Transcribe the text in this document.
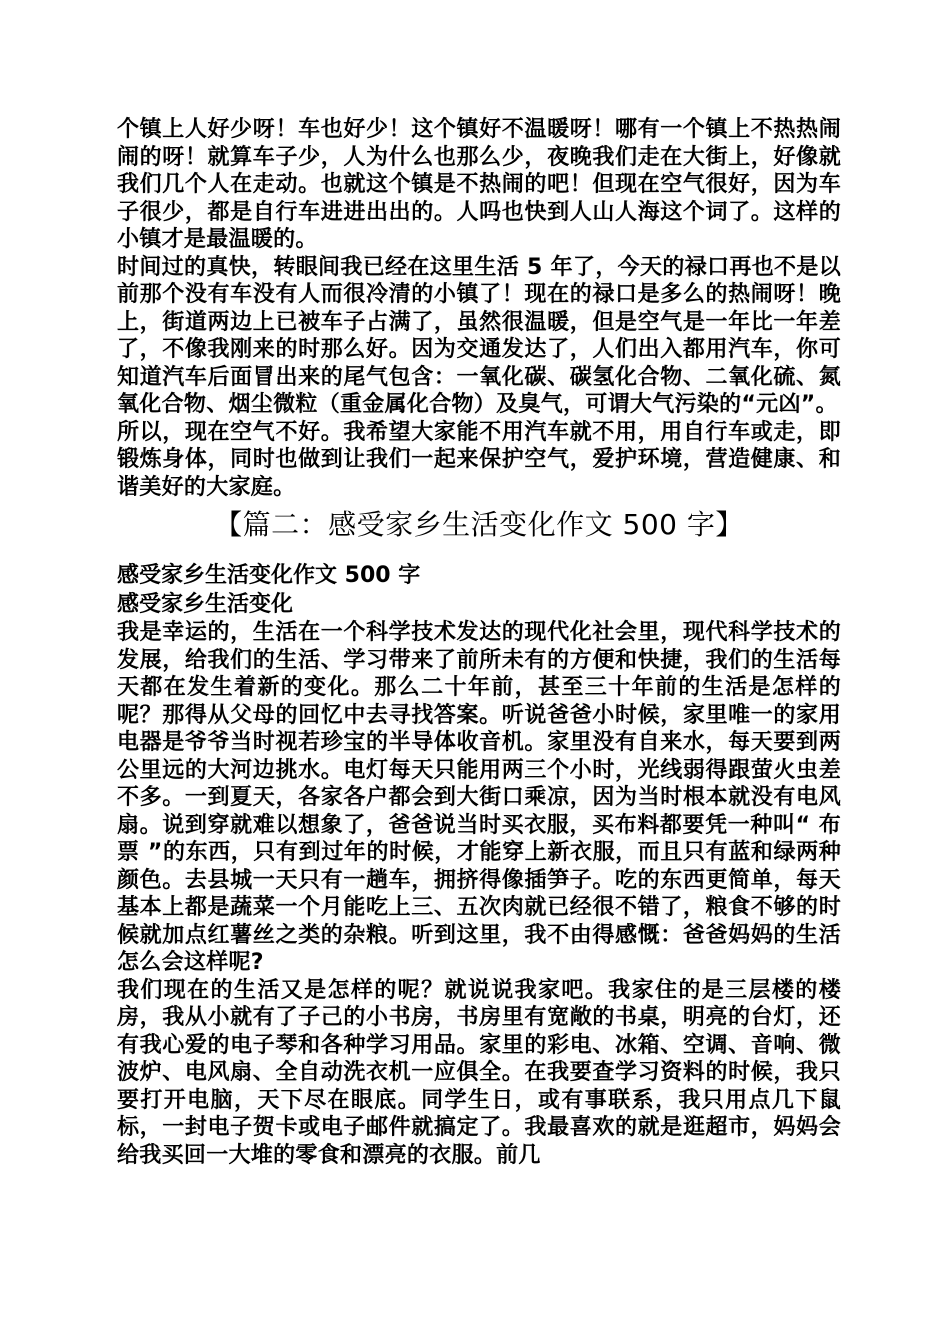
个镇上人好少呀！车也好少！这个镇好不温暖呀！哪有一个镇上不热热闹闹的呀！就算车子少，人为什么也那么少，夜晚我们走在大街上，好像就我们几个人在走动。也就这个镇是不热闹的吧！但现在空气很好，因为车子很少，都是自行车进进出出的。人吗也快到人山人海这个词了。这样的小镇才是最温暖的。

时间过的真快，转眼间我已经在这里生活 5 年了，今天的禄口再也不是以前那个没有车没有人而很冷清的小镇了！现在的禄口是多么的热闹呀！晚上，街道两边上已被车子占满了，虽然很温暖，但是空气是一年比一年差了，不像我刚来的时那么好。因为交通发达了，人们出入都用汽车，你可知道汽车后面冒出来的尾气包含：一氧化碳、碳氢化合物、二氧化硫、氮氧化合物、烟尘微粒（重金属化合物）及臭气，可谓大气污染的“元凶”。

所以，现在空气不好。我希望大家能不用汽车就不用，用自行车或走，即锻炼身体，同时也做到让我们一起来保护空气，爱护环境，营造健康、和谐美好的大家庭。

【篇二：感受家乡生活变化作文 500 字】

感受家乡生活变化作文 500 字

感受家乡生活变化

我是幸运的，生活在一个科学技术发达的现代化社会里，现代科学技术的发展，给我们的生活、学习带来了前所未有的方便和快捷，我们的生活每天都在发生着新的变化。那么二十年前，甚至三十年前的生活是怎样的呢？那得从父母的回忆中去寻找答案。听说爸爸小时候，家里唯一的家用电器是爷爷当时视若珍宝的半导体收音机。家里没有自来水，每天要到两公里远的大河边挑水。电灯每天只能用两三个小时，光线弱得跟萤火虫差不多。一到夏天，各家各户都会到大街口乘凉，因为当时根本就没有电风扇。说到穿就难以想象了，爸爸说当时买衣服，买布料都要凭一种叫“ 布票 ”的东西，只有到过年的时候，才能穿上新衣服，而且只有蓝和绿两种颜色。去县城一天只有一趟车，拥挤得像插笋子。吃的东西更简单，每天基本上都是蔬菜一个月能吃上三、五次肉就已经很不错了，粮食不够的时候就加点红薯丝之类的杂粮。听到这里，我不由得感慨：爸爸妈妈的生活怎么会这样呢?

我们现在的生活又是怎样的呢？就说说我家吧。我家住的是三层楼的楼房，我从小就有了子己的小书房，书房里有宽敞的书桌，明亮的台灯，还有我心爱的电子琴和各种学习用品。家里的彩电、冰箱、空调、音响、微波炉、电风扇、全自动洗衣机一应俱全。在我要查学习资料的时候，我只要打开电脑，天下尽在眼底。同学生日，或有事联系，我只用点几下鼠标，一封电子贺卡或电子邮件就搞定了。我最喜欢的就是逛超市，妈妈会给我买回一大堆的零食和漂亮的衣服。前几
